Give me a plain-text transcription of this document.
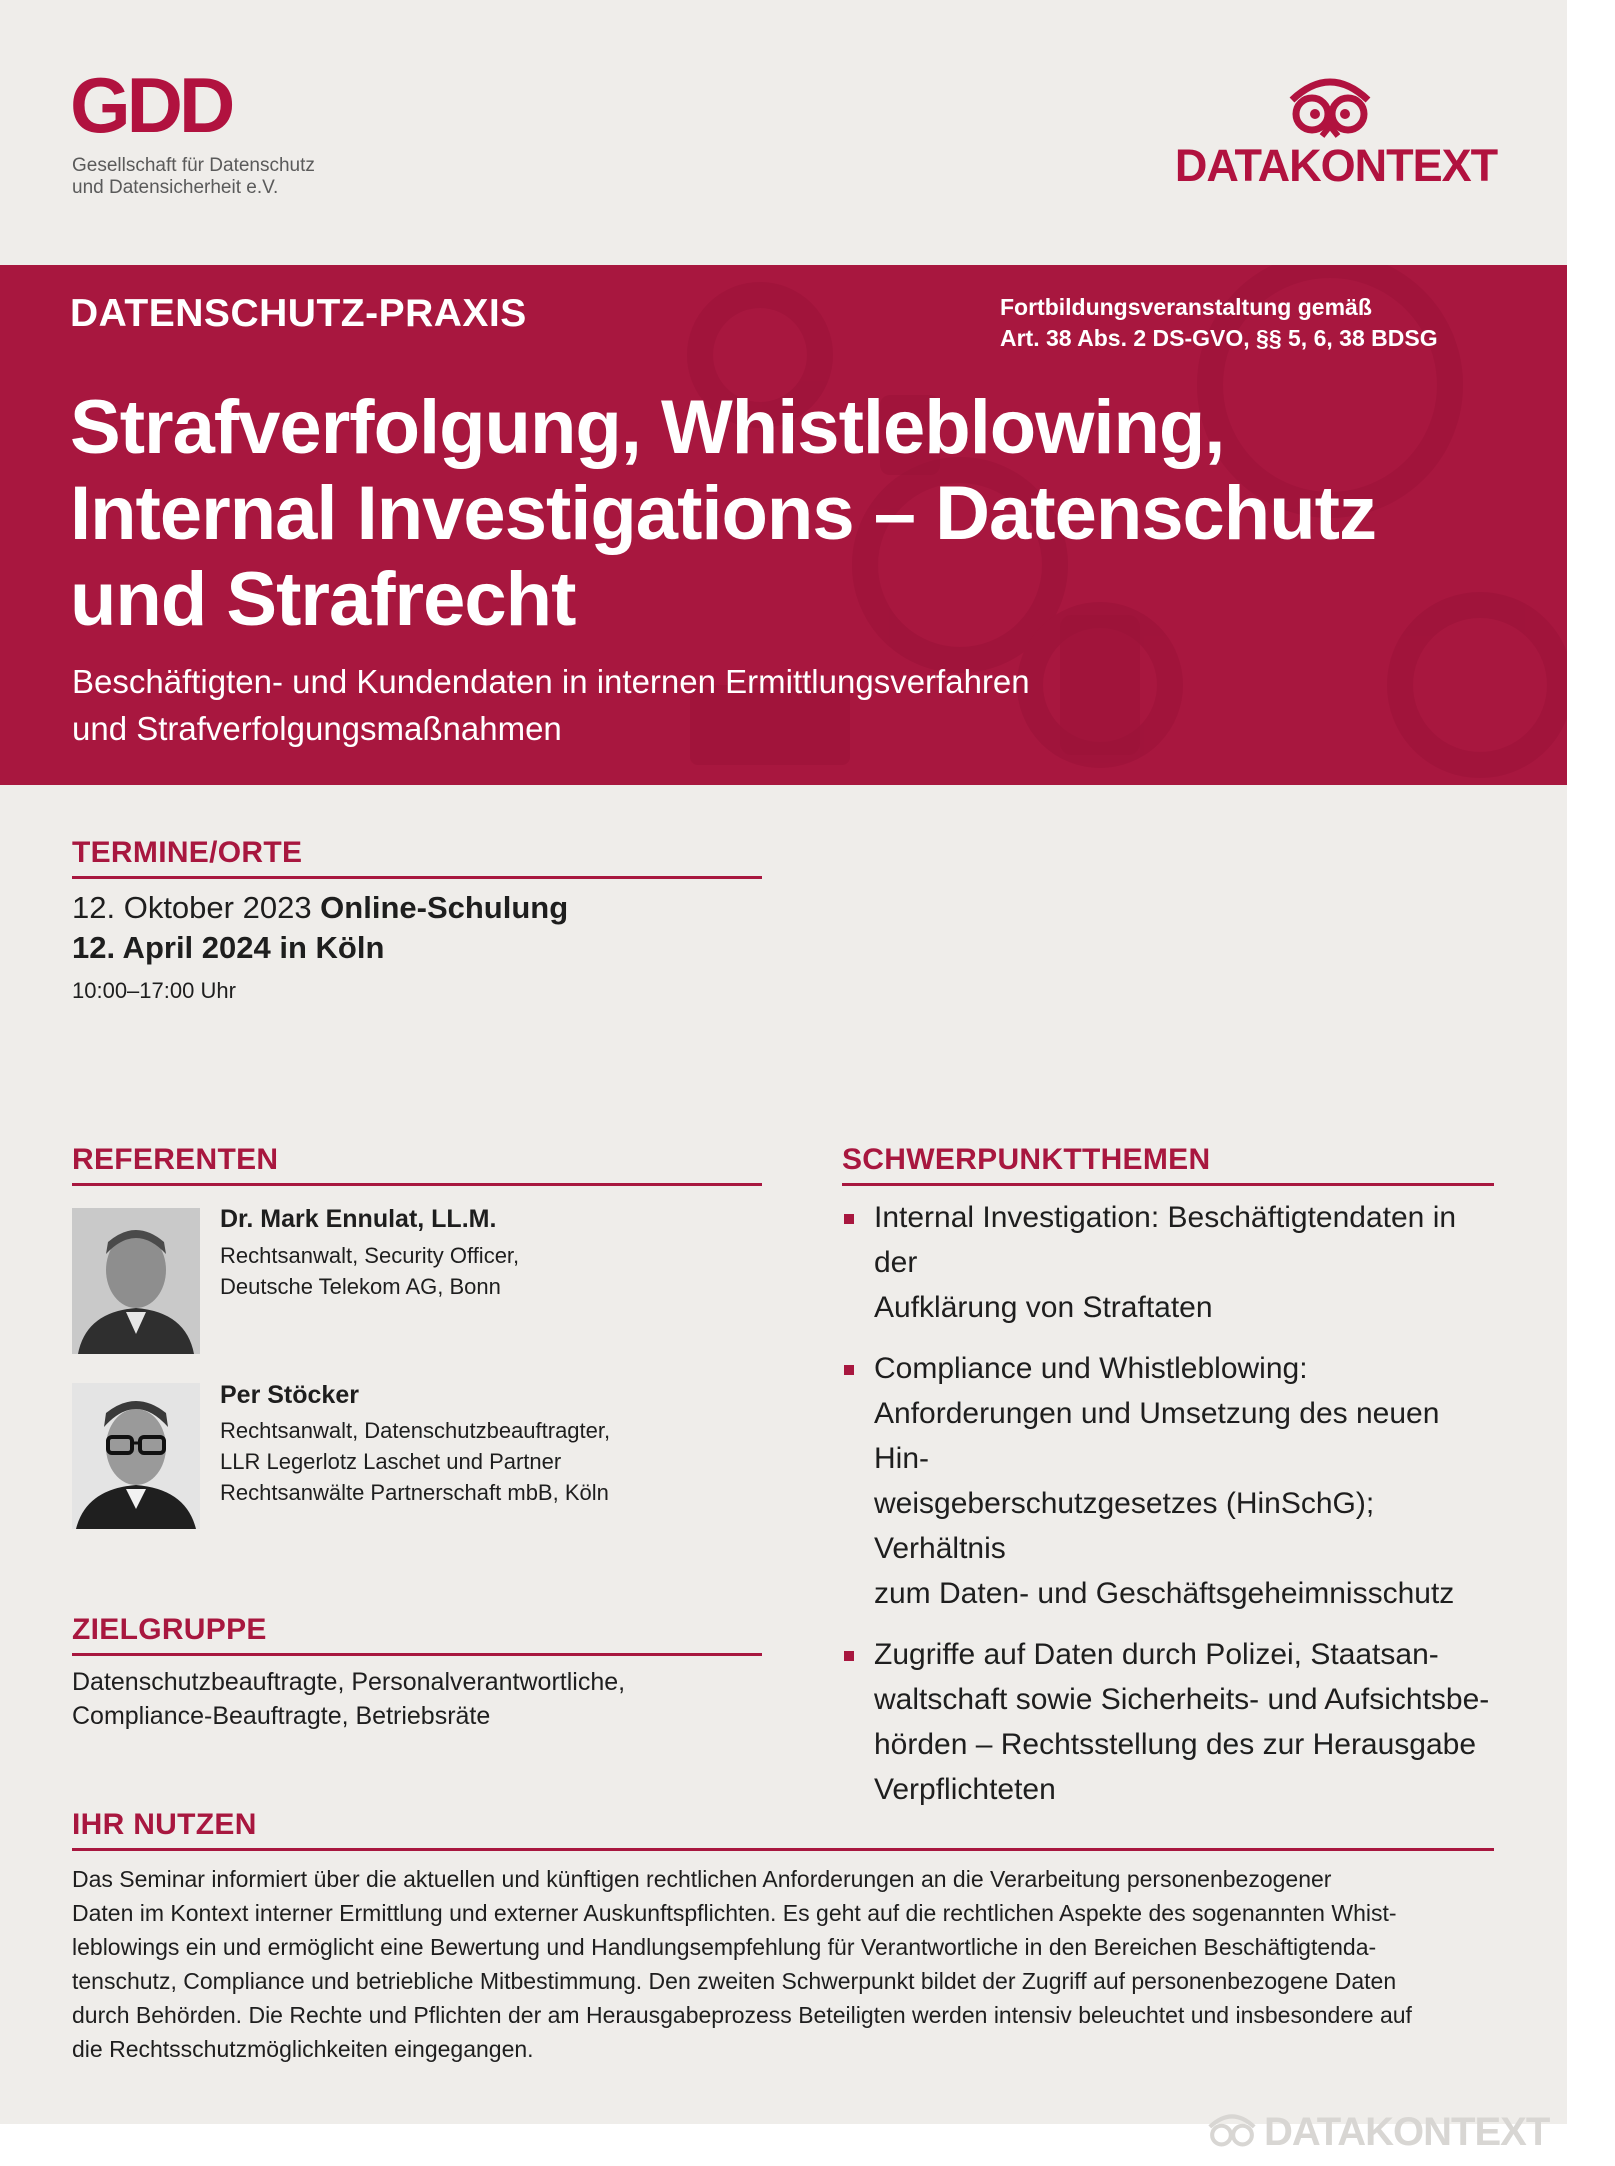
GDD
Gesellschaft für Datenschutz
und Datensicherheit e.V.	DATAKONTEXT
DATENSCHUTZ-PRAXIS	Fortbildungsveranstaltung gemäß
Art. 38 Abs. 2 DS-GVO, §§ 5, 6, 38 BDSG
Strafverfolgung, Whistleblowing,
Internal Investigations – Datenschutz
und Strafrecht
Beschäftigten- und Kundendaten in internen Ermittlungsverfahren
und Strafverfolgungsmaßnahmen
TERMINE/ORTE
12. Oktober 2023 Online-Schulung
12. April 2024 in Köln
10:00–17:00 Uhr
REFERENTEN
Dr. Mark Ennulat, LL.M.
Rechtsanwalt, Security Officer,
Deutsche Telekom AG, Bonn
Per Stöcker
Rechtsanwalt, Datenschutzbeauftragter,
LLR Legerlotz Laschet und Partner
Rechtsanwälte Partnerschaft mbB, Köln
ZIELGRUPPE
Datenschutzbeauftragte, Personalverantwortliche,
Compliance-Beauftragte, Betriebsräte
SCHWERPUNKTTHEMEN
Internal Investigation: Beschäftigtendaten in der
Aufklärung von Straftaten
Compliance und Whistleblowing:
Anforderungen und Umsetzung des neuen Hin-
weisgeberschutzgesetzes (HinSchG); Verhältnis
zum Daten- und Geschäftsgeheimnisschutz
Zugriffe auf Daten durch Polizei, Staatsan-
waltschaft sowie Sicherheits- und Aufsichtsbe-
hörden – Rechtsstellung des zur Herausgabe
Verpflichteten
IHR NUTZEN
Das Seminar informiert über die aktuellen und künftigen rechtlichen Anforderungen an die Verarbeitung personenbezogener
Daten im Kontext interner Ermittlung und externer Auskunftspflichten. Es geht auf die rechtlichen Aspekte des sogenannten Whist-
leblowings ein und ermöglicht eine Bewertung und Handlungsempfehlung für Verantwortliche in den Bereichen Beschäftigtenda-
tenschutz, Compliance und betriebliche Mitbestimmung. Den zweiten Schwerpunkt bildet der Zugriff auf personenbezogene Daten
durch Behörden. Die Rechte und Pflichten der am Herausgabeprozess Beteiligten werden intensiv beleuchtet und insbesondere auf
die Rechtsschutzmöglichkeiten eingegangen.
DATAKONTEXT
